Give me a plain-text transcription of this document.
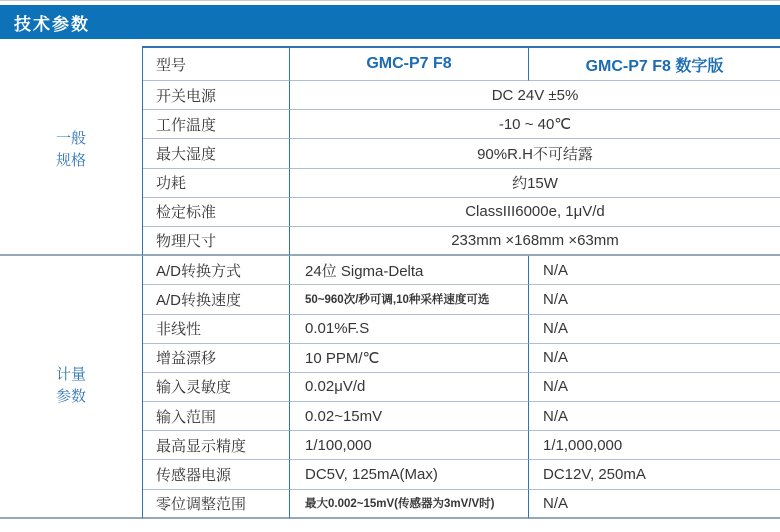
技术参数
一般
规格
型号	GMC-P7 F8	GMC-P7 F8 数字版
开关电源	DC 24V ±5%
工作温度	-10 ~ 40℃
最大湿度	90%R.H不可结露
功耗	约15W
检定标准	ClassIII6000e, 1μV/d
物理尺寸	233mm ×168mm ×63mm
计量
参数
A/D转换方式	24位 Sigma-Delta	N/A
A/D转换速度	50~960次/秒可调,10种采样速度可选	N/A
非线性	0.01%F.S	N/A
增益漂移	10 PPM/℃	N/A
输入灵敏度	0.02μV/d	N/A
输入范围	0.02~15mV	N/A
最高显示精度	1/100,000	1/1,000,000
传感器电源	DC5V, 125mA(Max)	DC12V, 250mA
零位调整范围	最大0.002~15mV(传感器为3mV/V时)	N/A
